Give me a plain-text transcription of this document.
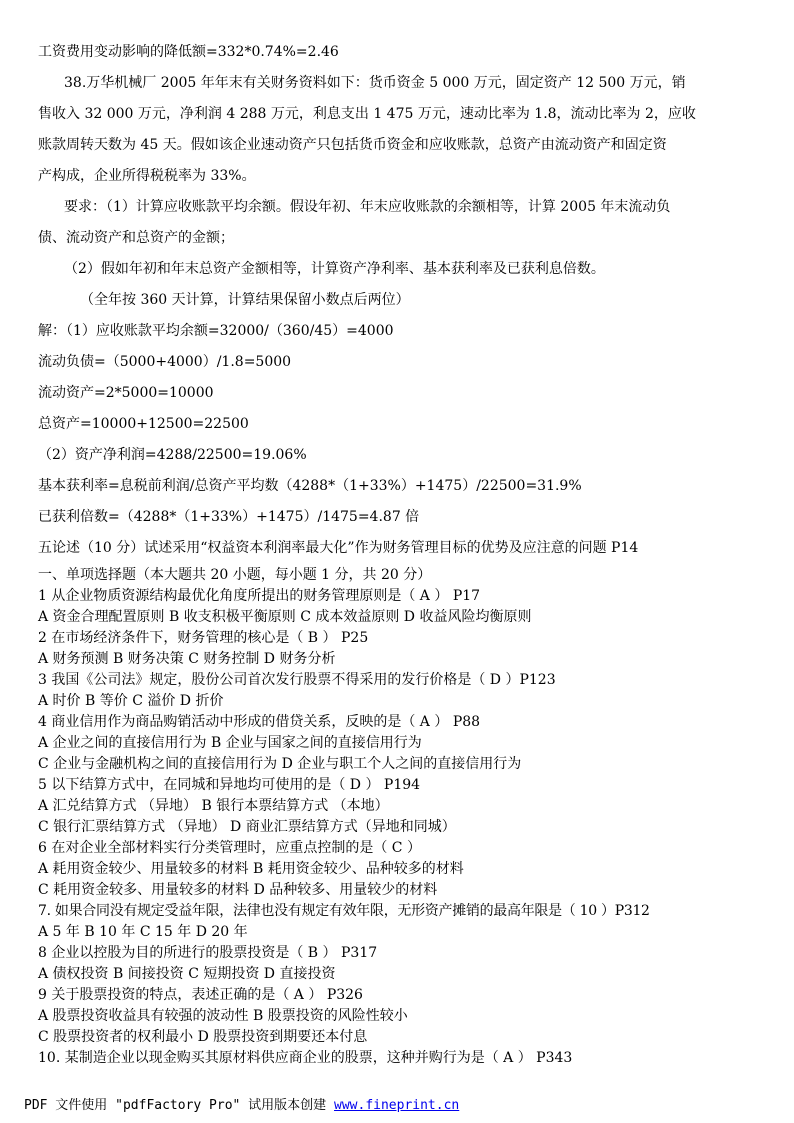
工资费用变动影响的降低额=332*0.74%=2.46
38.万华机械厂 2005 年年末有关财务资料如下：货币资金 5 000 万元，固定资产 12 500 万元，销
售收入 32 000 万元，净利润 4 288 万元，利息支出 1 475 万元，速动比率为 1.8，流动比率为 2，应收
账款周转天数为 45 天。假如该企业速动资产只包括货币资金和应收账款，总资产由流动资产和固定资
产构成，企业所得税税率为 33%。
要求：（1）计算应收账款平均余额。假设年初、年末应收账款的余额相等，计算 2005 年末流动负
债、流动资产和总资产的金额；
（2）假如年初和年末总资产金额相等，计算资产净利率、基本获利率及已获利息倍数。
（全年按 360 天计算，计算结果保留小数点后两位）
解：（1）应收账款平均余额=32000/（360/45）=4000
流动负债=（5000+4000）/1.8=5000
流动资产=2*5000=10000
总资产=10000+12500=22500
（2）资产净利润=4288/22500=19.06%
基本获利率=息税前利润/总资产平均数（4288*（1+33%）+1475）/22500=31.9%
已获利倍数=（4288*（1+33%）+1475）/1475=4.87 倍
五论述（10 分）试述采用“权益资本利润率最大化”作为财务管理目标的优势及应注意的问题 P14
一、单项选择题（本大题共 20 小题，每小题 1 分，共 20 分）
1 从企业物质资源结构最优化角度所提出的财务管理原则是（ A ） P17
A 资金合理配置原则 B 收支积极平衡原则 C 成本效益原则 D 收益风险均衡原则
2 在市场经济条件下，财务管理的核心是（ B ） P25
A 财务预测 B 财务决策 C 财务控制 D 财务分析
3 我国《公司法》规定，股份公司首次发行股票不得采用的发行价格是（ D ）P123
A 时价 B 等价 C 溢价 D 折价
4 商业信用作为商品购销活动中形成的借贷关系，反映的是（ A ） P88
A 企业之间的直接信用行为 B 企业与国家之间的直接信用行为
C 企业与金融机构之间的直接信用行为 D 企业与职工个人之间的直接信用行为
5 以下结算方式中，在同城和异地均可使用的是（ D ） P194
A 汇兑结算方式 （异地） B 银行本票结算方式 （本地）
C 银行汇票结算方式 （异地） D 商业汇票结算方式（异地和同城）
6 在对企业全部材料实行分类管理时，应重点控制的是（ C ）
A 耗用资金较少、用量较多的材料 B 耗用资金较少、品种较多的材料
C 耗用资金较多、用量较多的材料 D 品种较多、用量较少的材料
7. 如果合同没有规定受益年限，法律也没有规定有效年限，无形资产摊销的最高年限是（ 10 ）P312
A 5 年 B 10 年 C 15 年 D 20 年
8 企业以控股为目的所进行的股票投资是（ B ） P317
A 债权投资 B 间接投资 C 短期投资 D 直接投资
9 关于股票投资的特点，表述正确的是（ A ） P326
A 股票投资收益具有较强的波动性 B 股票投资的风险性较小
C 股票投资者的权利最小 D 股票投资到期要还本付息
10. 某制造企业以现金购买其原材料供应商企业的股票，这种并购行为是（ A ） P343
PDF 文件使用 "pdfFactory Pro" 试用版本创建 www.fineprint.cn
